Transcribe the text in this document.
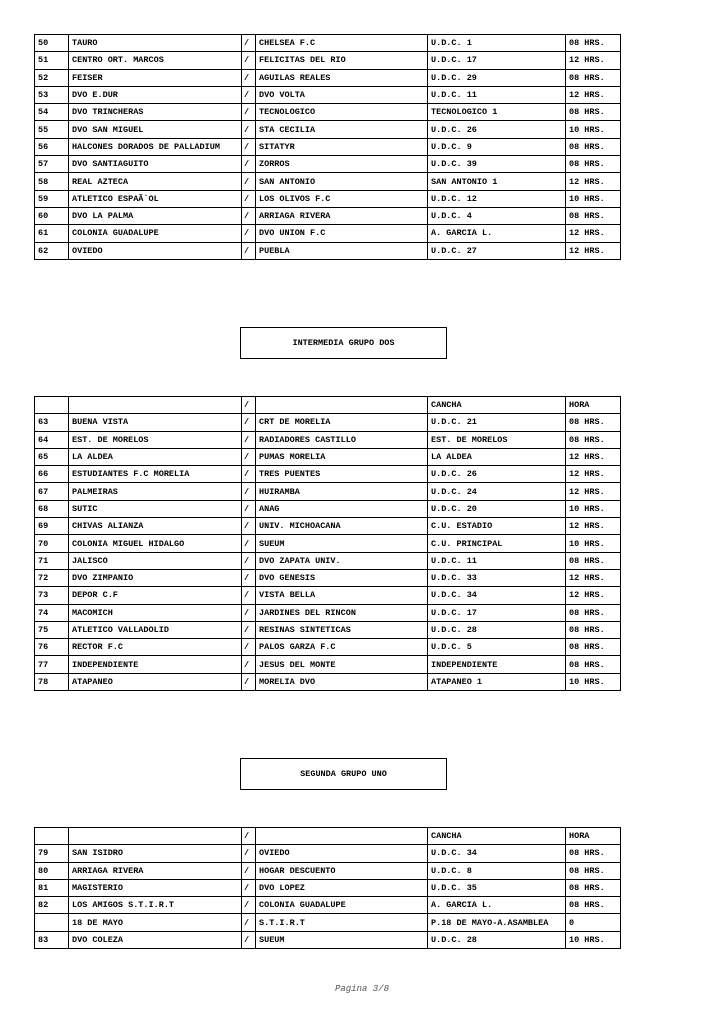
50	TAURO	/	CHELSEA F.C	U.D.C. 1	08 HRS.
51	CENTRO ORT. MARCOS	/	FELICITAS DEL RIO	U.D.C. 17	12 HRS.
52	FEISER	/	AGUILAS REALES	U.D.C. 29	08 HRS.
53	DVO E.DUR	/	DVO VOLTA	U.D.C. 11	12 HRS.
54	DVO TRINCHERAS	/	TECNOLOGICO	TECNOLOGICO 1	08 HRS.
55	DVO SAN MIGUEL	/	STA CECILIA	U.D.C. 26	10 HRS.
56	HALCONES DORADOS DE PALLADIUM	/	SITATYR	U.D.C. 9	08 HRS.
57	DVO SANTIAGUITO	/	ZORROS	U.D.C. 39	08 HRS.
58	REAL AZTECA	/	SAN ANTONIO	SAN ANTONIO 1	12 HRS.
59	ATLETICO ESPAÃ`OL	/	LOS OLIVOS F.C	U.D.C. 12	10 HRS.
60	DVO LA PALMA	/	ARRIAGA RIVERA	U.D.C. 4	08 HRS.
61	COLONIA GUADALUPE	/	DVO UNION F.C	A. GARCIA L.	12 HRS.
62	OVIEDO	/	PUEBLA	U.D.C. 27	12 HRS.
INTERMEDIA GRUPO DOS
		/		CANCHA	HORA
63	BUENA VISTA	/	CRT DE MORELIA	U.D.C. 21	08 HRS.
64	EST. DE MORELOS	/	RADIADORES CASTILLO	EST. DE MORELOS	08 HRS.
65	LA ALDEA	/	PUMAS MORELIA	LA ALDEA	12 HRS.
66	ESTUDIANTES F.C MORELIA	/	TRES PUENTES	U.D.C. 26	12 HRS.
67	PALMEIRAS	/	HUIRAMBA	U.D.C. 24	12 HRS.
68	SUTIC	/	ANAG	U.D.C. 20	10 HRS.
69	CHIVAS ALIANZA	/	UNIV. MICHOACANA	C.U. ESTADIO	12 HRS.
70	COLONIA MIGUEL HIDALGO	/	SUEUM	C.U. PRINCIPAL	10 HRS.
71	JALISCO	/	DVO ZAPATA UNIV.	U.D.C. 11	08 HRS.
72	DVO ZIMPANIO	/	DVO GENESIS	U.D.C. 33	12 HRS.
73	DEPOR C.F	/	VISTA BELLA	U.D.C. 34	12 HRS.
74	MACOMICH	/	JARDINES DEL RINCON	U.D.C. 17	08 HRS.
75	ATLETICO VALLADOLID	/	RESINAS SINTETICAS	U.D.C. 28	08 HRS.
76	RECTOR F.C	/	PALOS GARZA F.C	U.D.C. 5	08 HRS.
77	INDEPENDIENTE	/	JESUS DEL MONTE	INDEPENDIENTE	08 HRS.
78	ATAPANEO	/	MORELIA DVO	ATAPANEO 1	10 HRS.
SEGUNDA GRUPO UNO
		/		CANCHA	HORA
79	SAN ISIDRO	/	OVIEDO	U.D.C. 34	08 HRS.
80	ARRIAGA RIVERA	/	HOGAR DESCUENTO	U.D.C. 8	08 HRS.
81	MAGISTERIO	/	DVO LOPEZ	U.D.C. 35	08 HRS.
82	LOS AMIGOS S.T.I.R.T	/	COLONIA GUADALUPE	A. GARCIA L.	08 HRS.
	18 DE MAYO	/	S.T.I.R.T	P.18 DE MAYO-A.ASAMBLEA	0
83	DVO COLEZA	/	SUEUM	U.D.C. 28	10 HRS.
Pagina 3/8
